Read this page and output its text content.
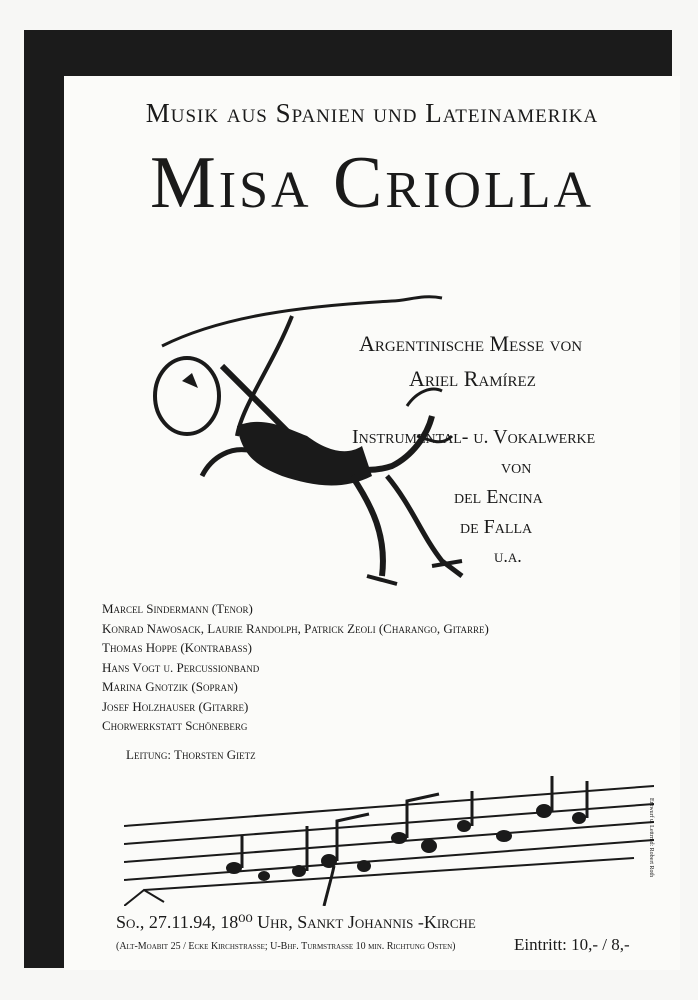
Musik aus Spanien und Lateinamerika
Misa Criolla
Argentinische Messe von
Ariel Ramírez
Instrumental- u. Vokalwerke
von
del Encina
de Falla
u.a.
Marcel Sindermann (Tenor)
Konrad Nawosack, Laurie Randolph, Patrick Zeoli (Charango, Gitarre)
Thomas Hoppe (Kontrabass)
Hans Vogt u. Percussionband
Marina Gnotzik (Sopran)
Josef Holzhauser (Gitarre)
Chorwerkstatt Schöneberg
Leitung: Thorsten Gietz
Entwurf u. Lettrmd: Robert Roth
So., 27.11.94, 18⁰⁰ Uhr, Sankt Johannis -Kirche
(Alt-Moabit 25 / Ecke Kirchstrasse; U-Bhf. Turmstrasse 10 min. Richtung Osten)	Eintritt: 10,- / 8,-
